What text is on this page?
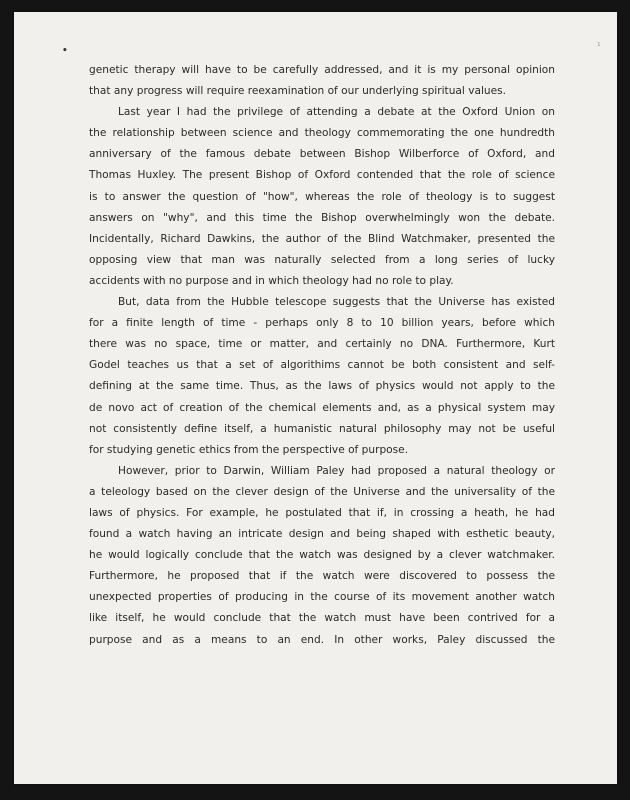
•	¹
genetic therapy will have to be carefully addressed, and it is my personal opinion
that any progress will require reexamination of our underlying spiritual values.
Last year I had the privilege of attending a debate at the Oxford Union on
the relationship between science and theology commemorating the one hundredth
anniversary of the famous debate between Bishop Wilberforce of Oxford, and
Thomas Huxley. The present Bishop of Oxford contended that the role of science
is to answer the question of "how", whereas the role of theology is to suggest
answers on "why", and this time the Bishop overwhelmingly won the debate.
Incidentally, Richard Dawkins, the author of the Blind Watchmaker, presented the
opposing view that man was naturally selected from a long series of lucky
accidents with no purpose and in which theology had no role to play.
But, data from the Hubble telescope suggests that the Universe has existed
for a finite length of time - perhaps only 8 to 10 billion years, before which
there was no space, time or matter, and certainly no DNA. Furthermore, Kurt
Godel teaches us that a set of algorithims cannot be both consistent and self-
defining at the same time. Thus, as the laws of physics would not apply to the
de novo act of creation of the chemical elements and, as a physical system may
not consistently define itself, a humanistic natural philosophy may not be useful
for studying genetic ethics from the perspective of purpose.
However, prior to Darwin, William Paley had proposed a natural theology or
a teleology based on the clever design of the Universe and the universality of the
laws of physics. For example, he postulated that if, in crossing a heath, he had
found a watch having an intricate design and being shaped with esthetic beauty,
he would logically conclude that the watch was designed by a clever watchmaker.
Furthermore, he proposed that if the watch were discovered to possess the
unexpected properties of producing in the course of its movement another watch
like itself, he would conclude that the watch must have been contrived for a
purpose and as a means to an end. In other works, Paley discussed the
